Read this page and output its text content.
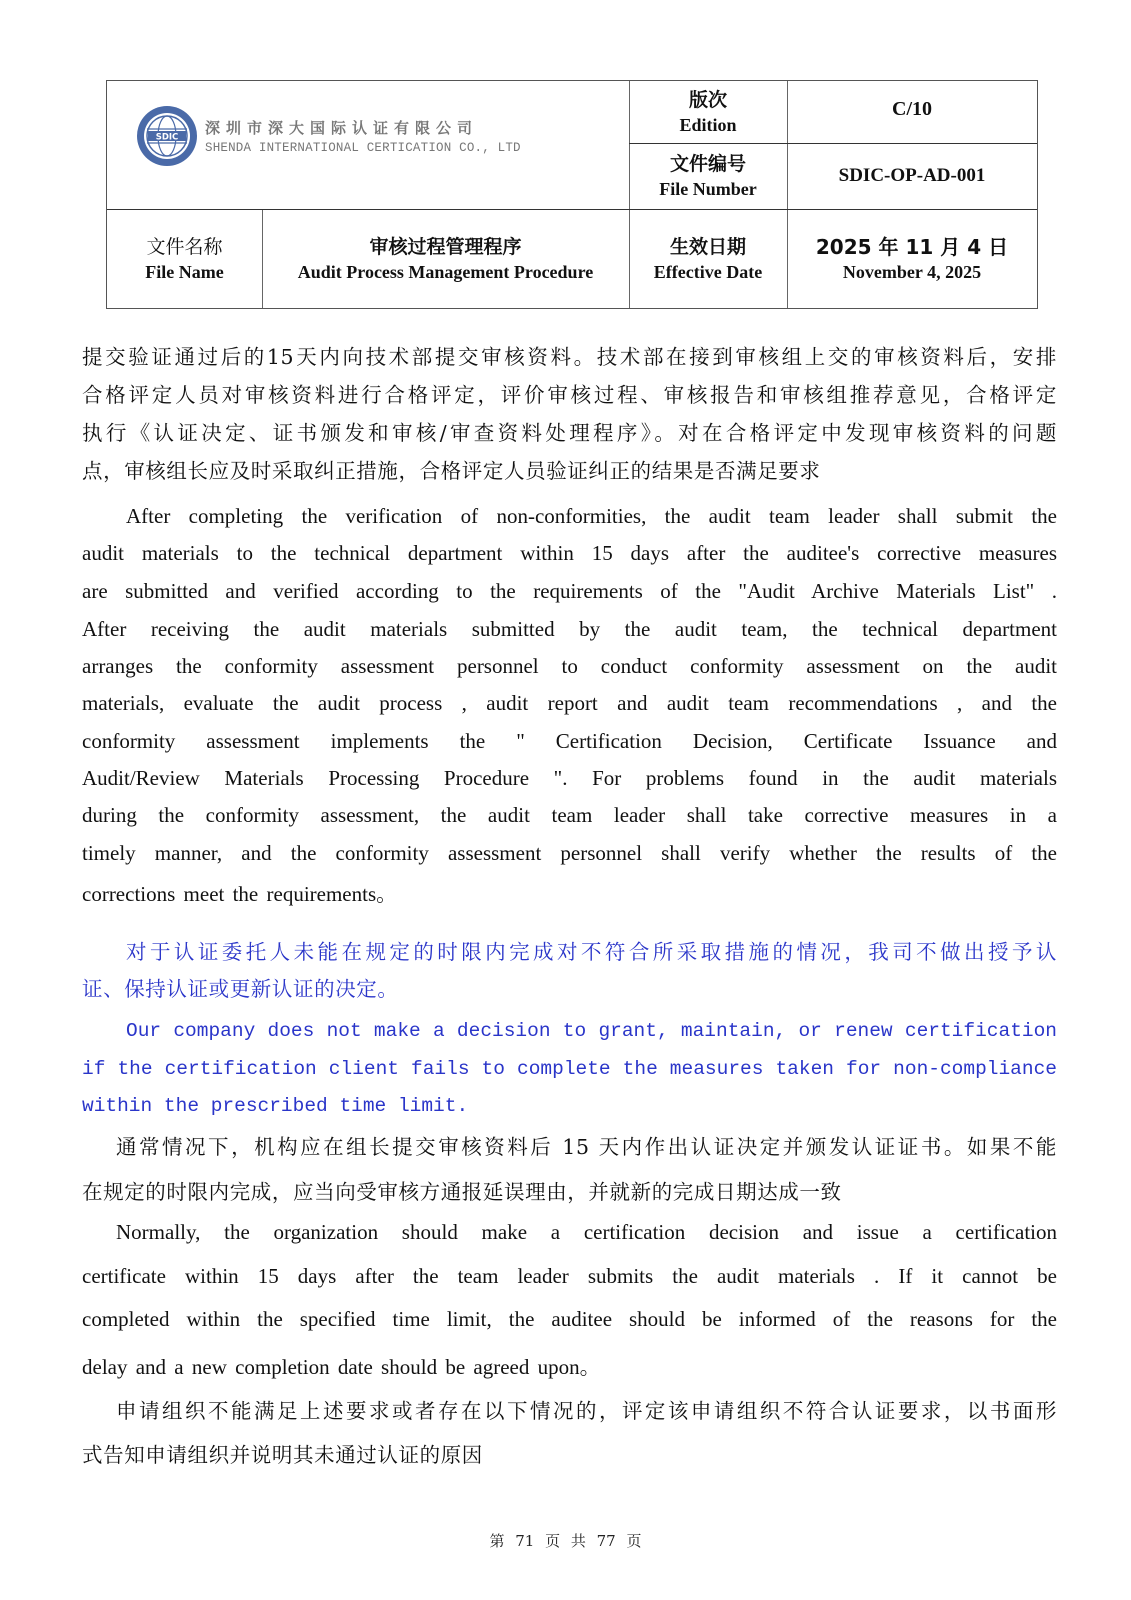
SDIC
深圳市深大国际认证有限公司
SHENDA INTERNATIONAL CERTICATION CO., LTD
版次
Edition
C/10
文件编号
File Number
SDIC-OP-AD-001
文件名称
File Name
审核过程管理程序
Audit Process Management Procedure
生效日期
Effective Date
2025 年 11 月 4 日
November 4, 2025
提交验证通过后的15天内向技术部提交审核资料。技术部在接到审核组上交的审核资料后，安排
合格评定人员对审核资料进行合格评定，评价审核过程、审核报告和审核组推荐意见，合格评定
执行《认证决定、证书颁发和审核/审查资料处理程序》。对在合格评定中发现审核资料的问题
点，审核组长应及时采取纠正措施，合格评定人员验证纠正的结果是否满足要求
After completing the verification of non-conformities, the audit team leader shall submit the
audit materials to the technical department within 15 days after the auditee's corrective measures
are submitted and verified according to the requirements of the "Audit Archive Materials List" .
After receiving the audit materials submitted by the audit team, the technical department
arranges the conformity assessment personnel to conduct conformity assessment on the audit
materials, evaluate the audit process , audit report and audit team recommendations , and the
conformity assessment implements the " Certification Decision, Certificate Issuance and
Audit/Review Materials Processing Procedure ". For problems found in the audit materials
during the conformity assessment, the audit team leader shall take corrective measures in a
timely manner, and the conformity assessment personnel shall verify whether the results of the
corrections meet the requirements。
对于认证委托人未能在规定的时限内完成对不符合所采取措施的情况，我司不做出授予认
证、保持认证或更新认证的决定。
Our company does not make a decision to grant, maintain, or renew certification
if the certification client fails to complete the measures taken for non-compliance
within the prescribed time limit.
通常情况下，机构应在组长提交审核资料后 15 天内作出认证决定并颁发认证证书。如果不能
在规定的时限内完成，应当向受审核方通报延误理由，并就新的完成日期达成一致
Normally, the organization should make a certification decision and issue a certification
certificate within 15 days after the team leader submits the audit materials . If it cannot be
completed within the specified time limit, the auditee should be informed of the reasons for the
delay and a new completion date should be agreed upon。
申请组织不能满足上述要求或者存在以下情况的，评定该申请组织不符合认证要求，以书面形
式告知申请组织并说明其未通过认证的原因
第 71 页 共 77 页
